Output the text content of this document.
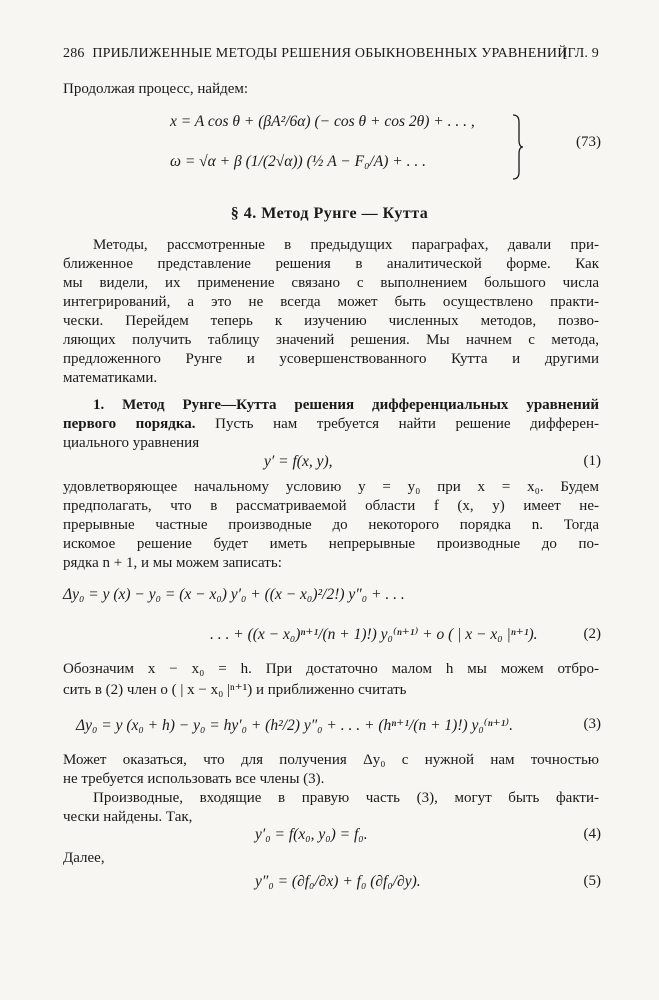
286 ПРИБЛИЖЕННЫЕ МЕТОДЫ РЕШЕНИЯ ОБЫКНОВЕННЫХ УРАВНЕНИЙ
[ГЛ. 9
Продолжая процесс, найдем:
x = A cos θ + (βA²/6α) (− cos θ + cos 2θ) + . . . ,
ω = √α + β (1/(2√α)) (½ A − F₀/A) + . . .
(73)
§ 4. Метод Рунге — Кутта
Методы, рассмотренные в предыдущих параграфах, давали при-
ближенное представление решения в аналитической форме. Как
мы видели, их применение связано с выполнением большого числа
интегрирований, а это не всегда может быть осуществлено практи-
чески. Перейдем теперь к изучению численных методов, позво-
ляющих получить таблицу значений решения. Мы начнем с метода,
предложенного Рунге и усовершенствованного Кутта и другими
математиками.
1. Метод Рунге—Кутта решения дифференциальных уравнений
первого порядка. Пусть нам требуется найти решение дифферен-
циального уравнения
y′ = f(x, y),	(1)
удовлетворяющее начальному условию y = y₀ при x = x₀. Будем
предполагать, что в рассматриваемой области f (x, y) имеет не-
прерывные частные производные до некоторого порядка n. Тогда
искомое решение будет иметь непрерывные производные до по-
рядка n + 1, и мы можем записать:
Δy₀ = y (x) − y₀ = (x − x₀) y′₀ + ((x − x₀)²/2!) y″₀ + . . .
. . . + ((x − x₀)ⁿ⁺¹/(n + 1)!) y₀⁽ⁿ⁺¹⁾ + o ( | x − x₀ |ⁿ⁺¹).	(2)
Обозначим x − x₀ = h. При достаточно малом h мы можем отбро-
сить в (2) член o ( | x − x₀ |ⁿ⁺¹) и приближенно считать
Δy₀ = y (x₀ + h) − y₀ = hy′₀ + (h²/2) y″₀ + . . . + (hⁿ⁺¹/(n + 1)!) y₀⁽ⁿ⁺¹⁾.	(3)
Может оказаться, что для получения Δy₀ с нужной нам точностью
не требуется использовать все члены (3).
Производные, входящие в правую часть (3), могут быть факти-
чески найдены. Так,
y′₀ = f(x₀, y₀) = f₀.	(4)
Далее,
y″₀ = (∂f₀/∂x) + f₀ (∂f₀/∂y).	(5)
